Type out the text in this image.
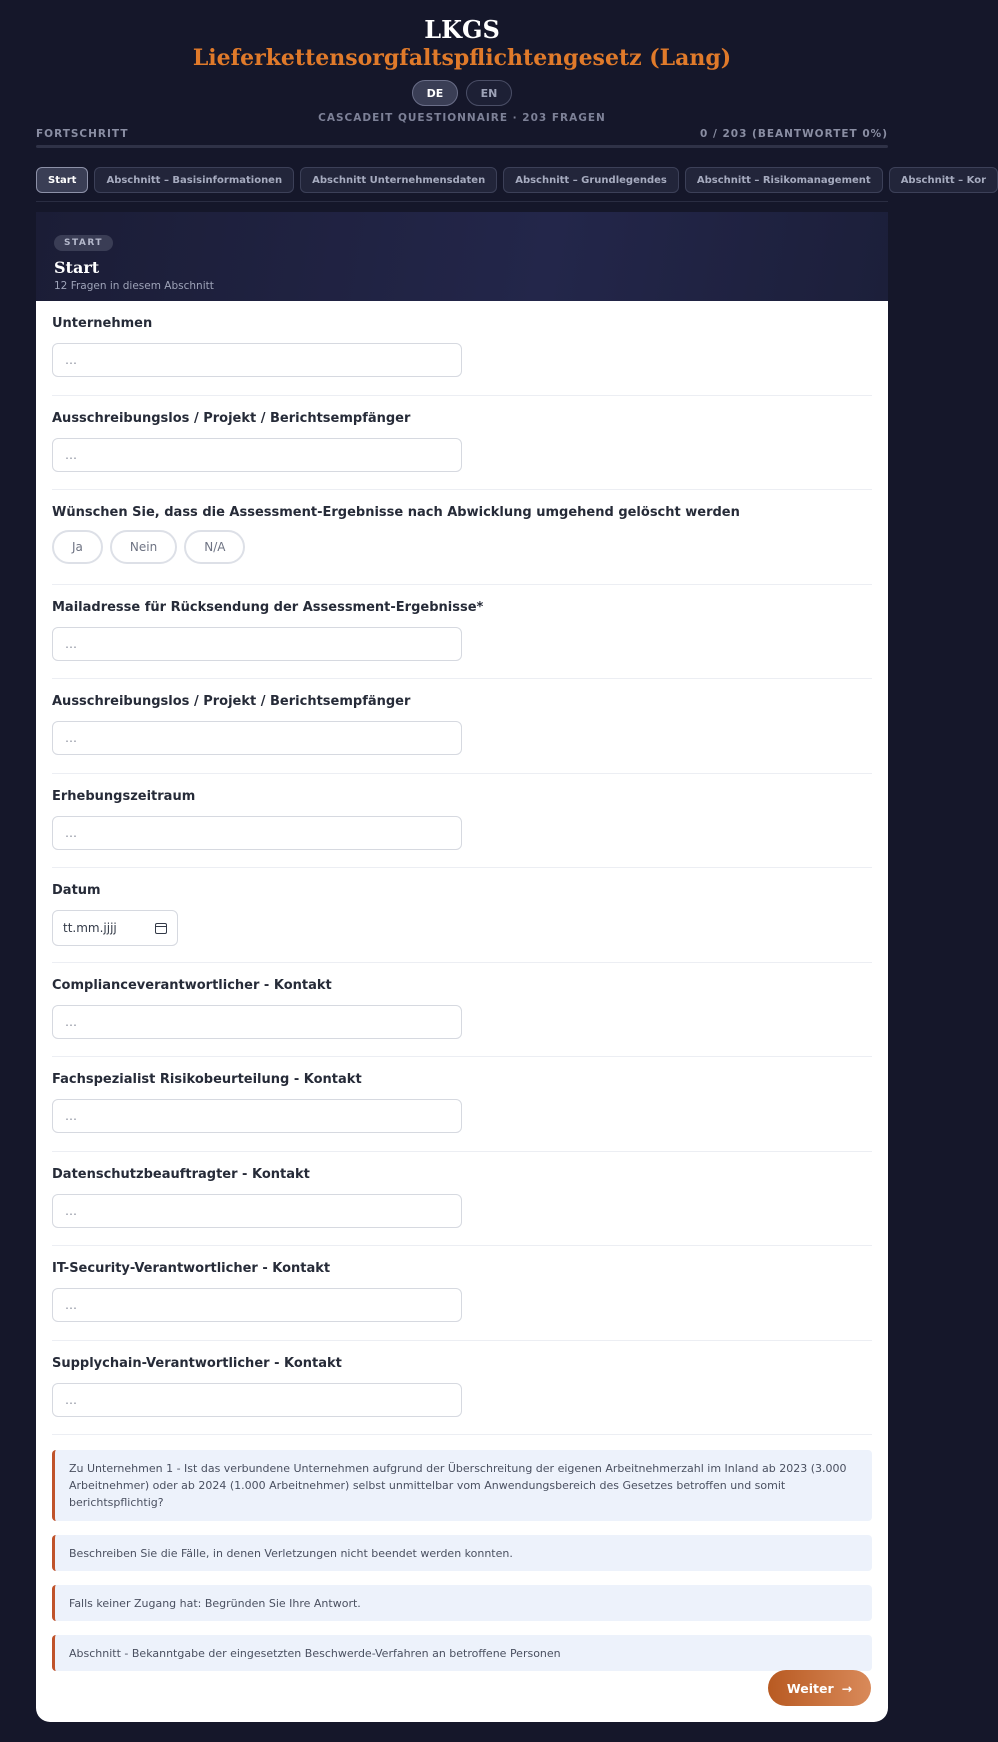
LKGS
Lieferkettensorgfaltspflichtengesetz (Lang)
DE	EN
CASCADEIT QUESTIONNAIRE · 203 FRAGEN
FORTSCHRITT	0 / 203 (BEANTWORTET 0%)
Start	Abschnitt – Basisinformationen	Abschnitt Unternehmensdaten	Abschnitt – Grundlegendes	Abschnitt – Risikomanagement	Abschnitt – Kor
START
Start
12 Fragen in diesem Abschnitt
Unternehmen
…
Ausschreibungslos / Projekt / Berichtsempfänger
…
Wünschen Sie, dass die Assessment-Ergebnisse nach Abwicklung umgehend gelöscht werden
Ja	Nein	N/A
Mailadresse für Rücksendung der Assessment-Ergebnisse*
…
Ausschreibungslos / Projekt / Berichtsempfänger
…
Erhebungszeitraum
…
Datum
tt.mm.jjjj
Complianceverantwortlicher - Kontakt
…
Fachspezialist Risikobeurteilung - Kontakt
…
Datenschutzbeauftragter - Kontakt
…
IT-Security-Verantwortlicher - Kontakt
…
Supplychain-Verantwortlicher - Kontakt
…
Zu Unternehmen 1 - Ist das verbundene Unternehmen aufgrund der Überschreitung der eigenen Arbeitnehmerzahl im Inland ab 2023 (3.000 Arbeitnehmer) oder ab 2024 (1.000 Arbeitnehmer) selbst unmittelbar vom Anwendungsbereich des Gesetzes betroffen und somit berichtspflichtig?
Beschreiben Sie die Fälle, in denen Verletzungen nicht beendet werden konnten.
Falls keiner Zugang hat: Begründen Sie Ihre Antwort.
Abschnitt - Bekanntgabe der eingesetzten Beschwerde-Verfahren an betroffene Personen
Weiter →
